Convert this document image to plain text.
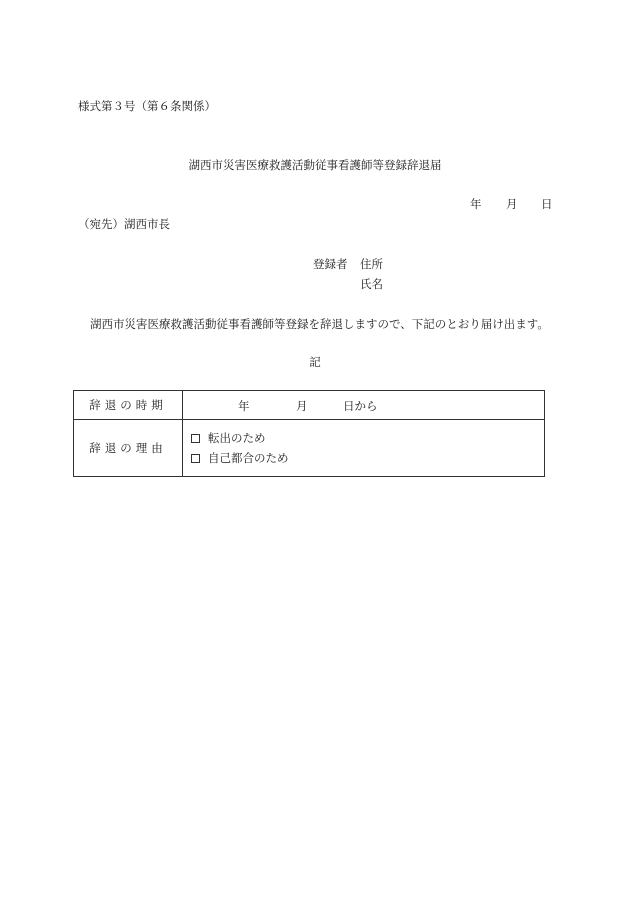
様式第３号（第６条関係）
湖西市災害医療救護活動従事看護師等登録辞退届
年 月 日
（宛先）湖西市長
登録者 住所
氏名
湖西市災害医療救護活動従事看護師等登録を辞退しますので、下記のとおり届け出ます。
記
辞退の時期	年 月 日から

辞退の理由	転出のため
自己都合のため
